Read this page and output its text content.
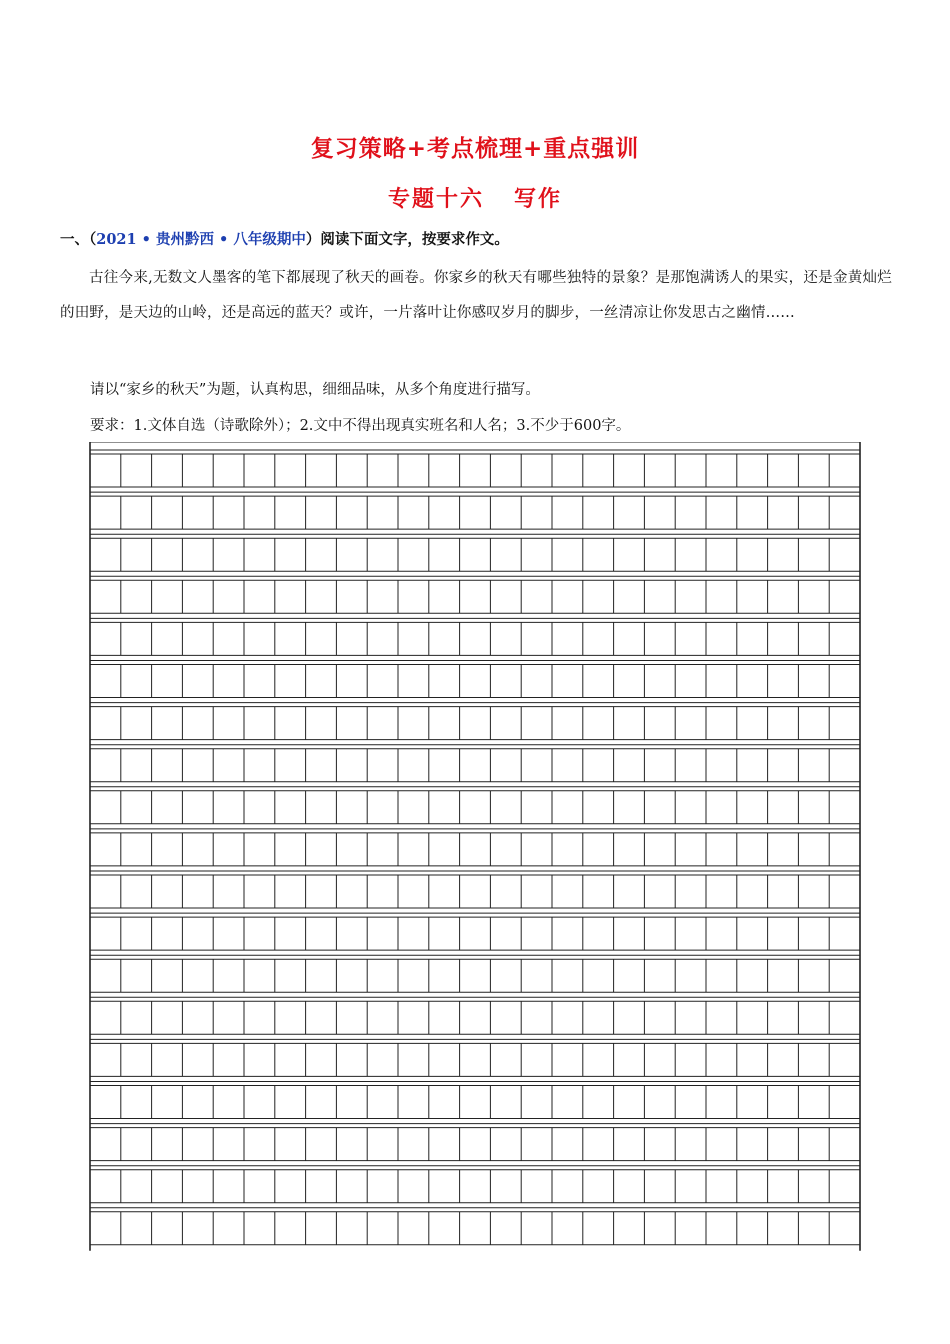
复习策略+考点梳理+重点强训
专题十六 写作
一、（2021 • 贵州黔西 • 八年级期中）阅读下面文字，按要求作文。
古往今来,无数文人墨客的笔下都展现了秋天的画卷。你家乡的秋天有哪些独特的景象？是那饱满诱人的果实，还是金黄灿烂的田野，是天边的山岭，还是高远的蓝天？或许，一片落叶让你感叹岁月的脚步，一丝清凉让你发思古之幽情……
请以“家乡的秋天”为题，认真构思，细细品味，从多个角度进行描写。
要求：1.文体自选（诗歌除外）；2.文中不得出现真实班名和人名；3.不少于600字。
